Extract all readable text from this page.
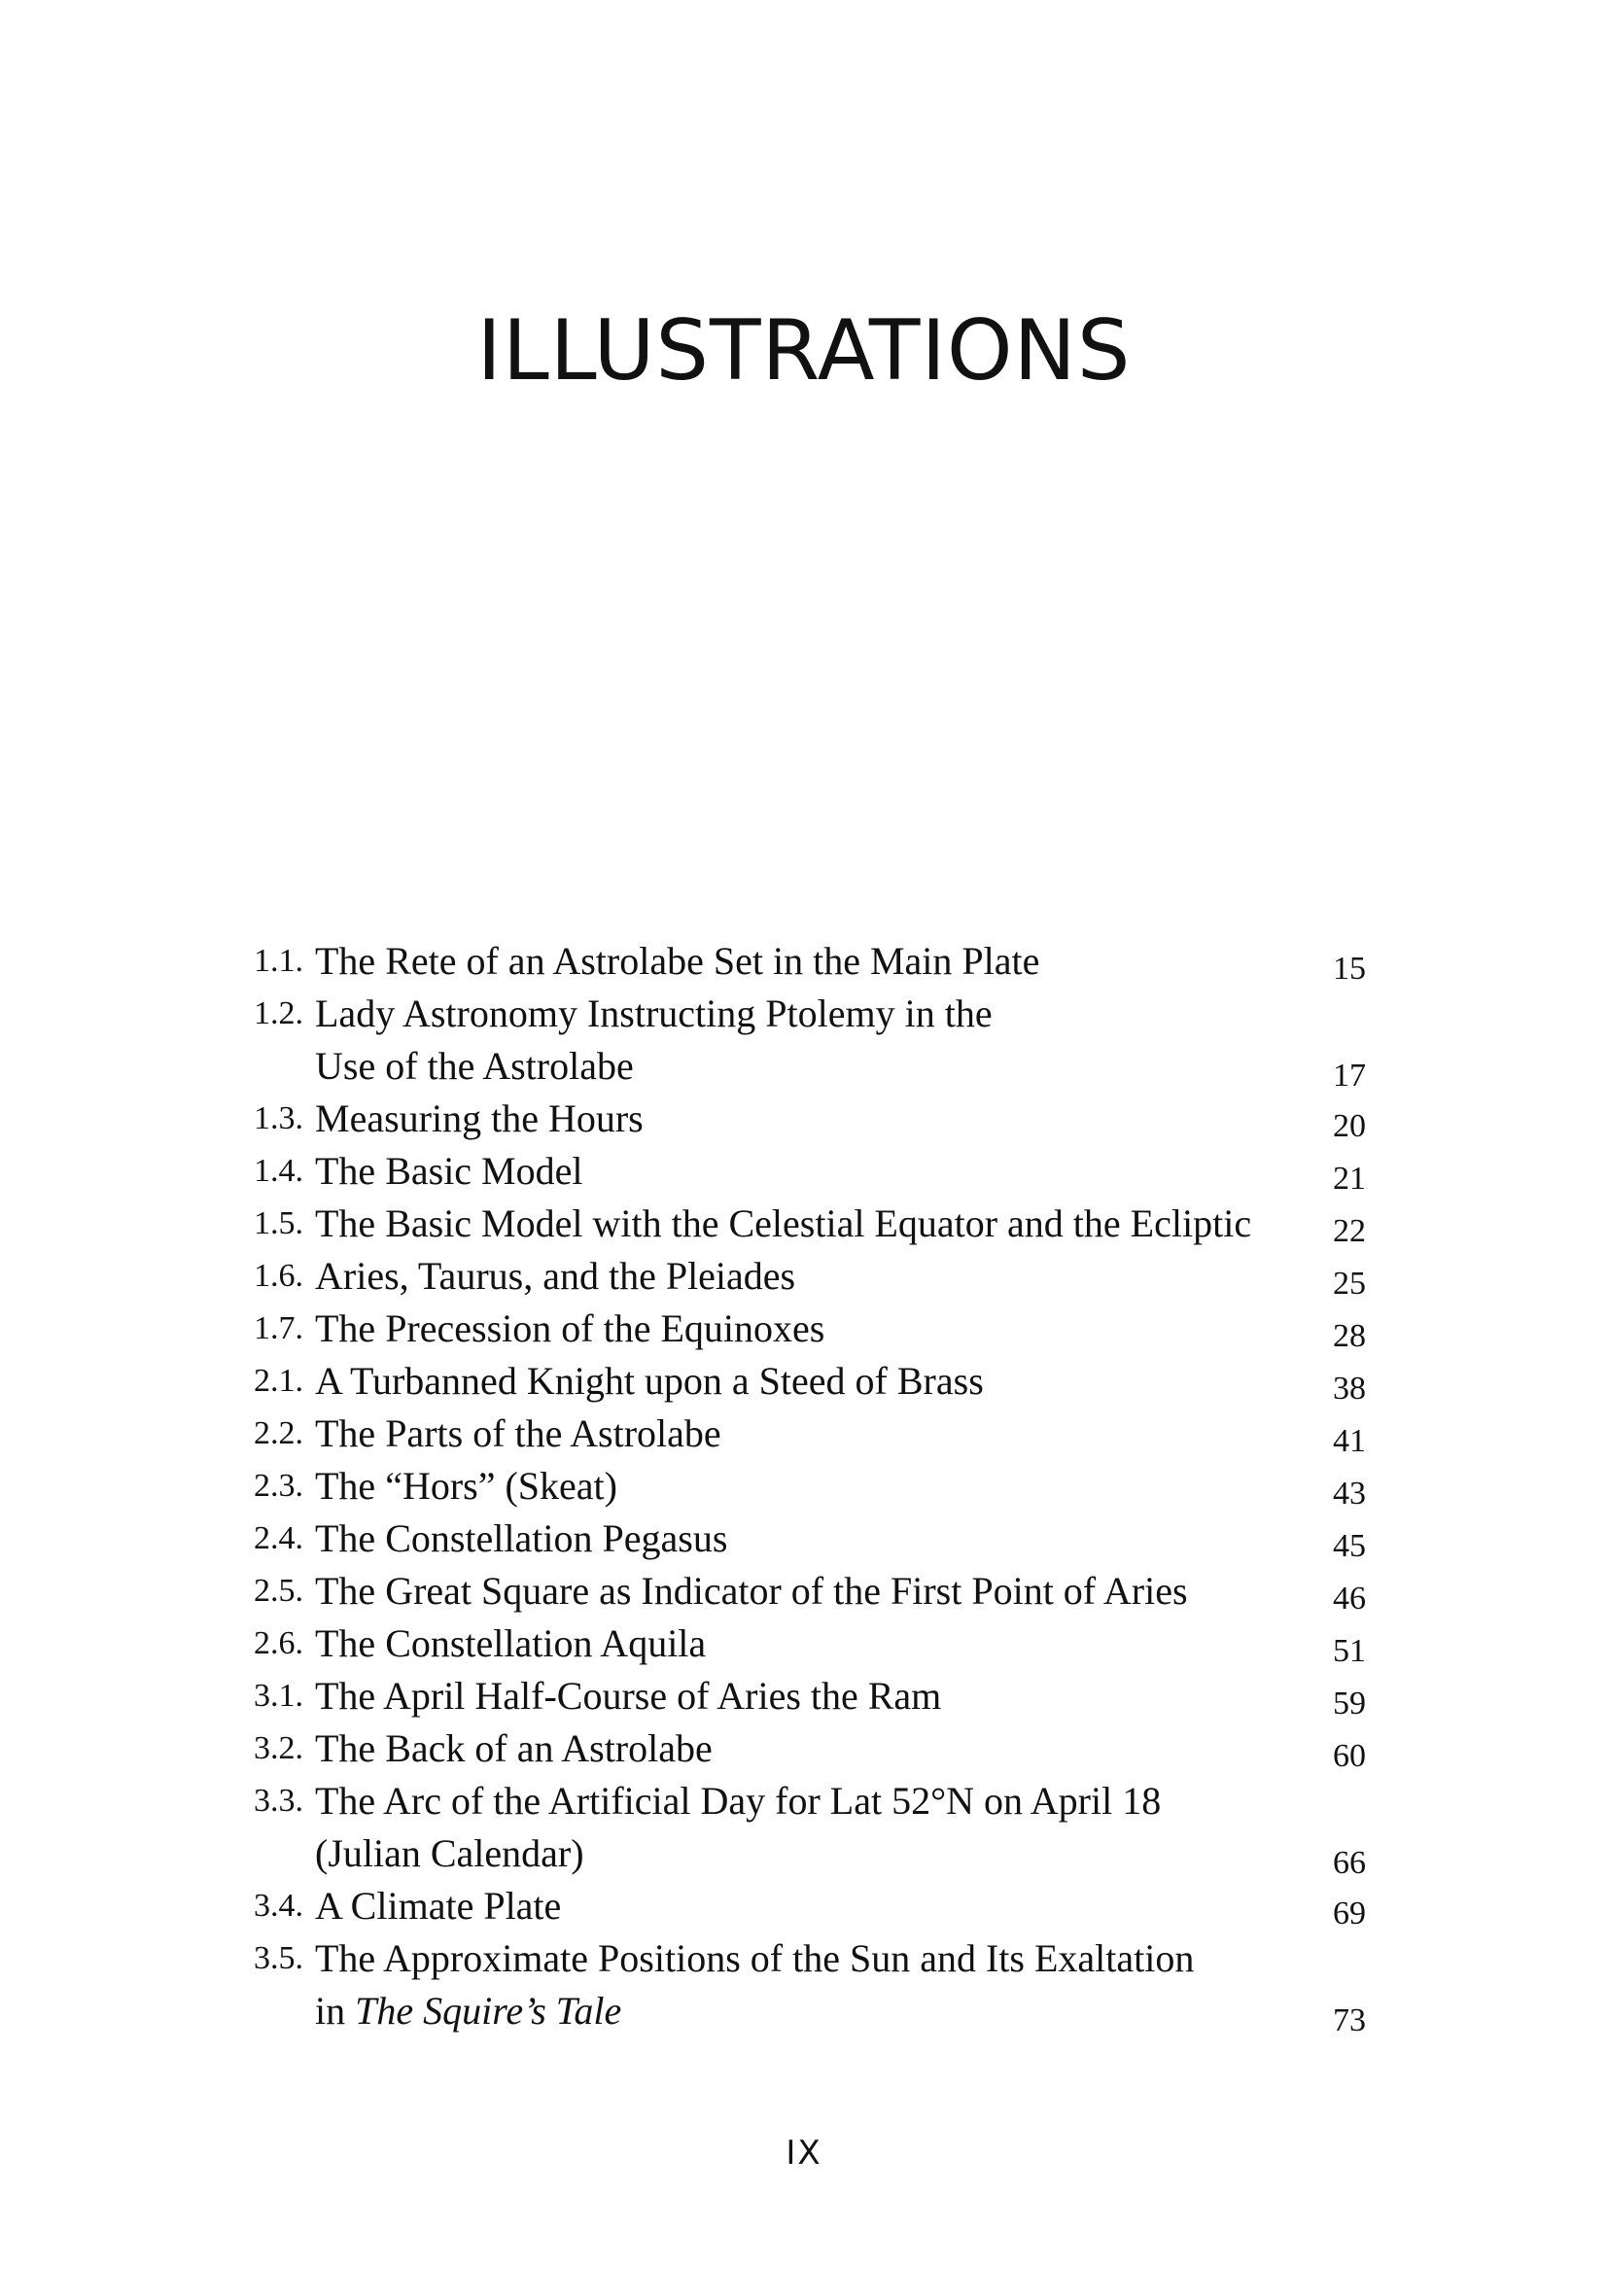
ILLUSTRATIONS
1.1. The Rete of an Astrolabe Set in the Main Plate	15
1.2. Lady Astronomy Instructing Ptolemy in the
Use of the Astrolabe	17
1.3. Measuring the Hours	20
1.4. The Basic Model	21
1.5. The Basic Model with the Celestial Equator and the Ecliptic	22
1.6. Aries, Taurus, and the Pleiades	25
1.7. The Precession of the Equinoxes	28
2.1. A Turbanned Knight upon a Steed of Brass	38
2.2. The Parts of the Astrolabe	41
2.3. The “Hors” (Skeat)	43
2.4. The Constellation Pegasus	45
2.5. The Great Square as Indicator of the First Point of Aries	46
2.6. The Constellation Aquila	51
3.1. The April Half-Course of Aries the Ram	59
3.2. The Back of an Astrolabe	60
3.3. The Arc of the Artificial Day for Lat 52°N on April 18
(Julian Calendar)	66
3.4. A Climate Plate	69
3.5. The Approximate Positions of the Sun and Its Exaltation
in The Squire’s Tale	73
IX
